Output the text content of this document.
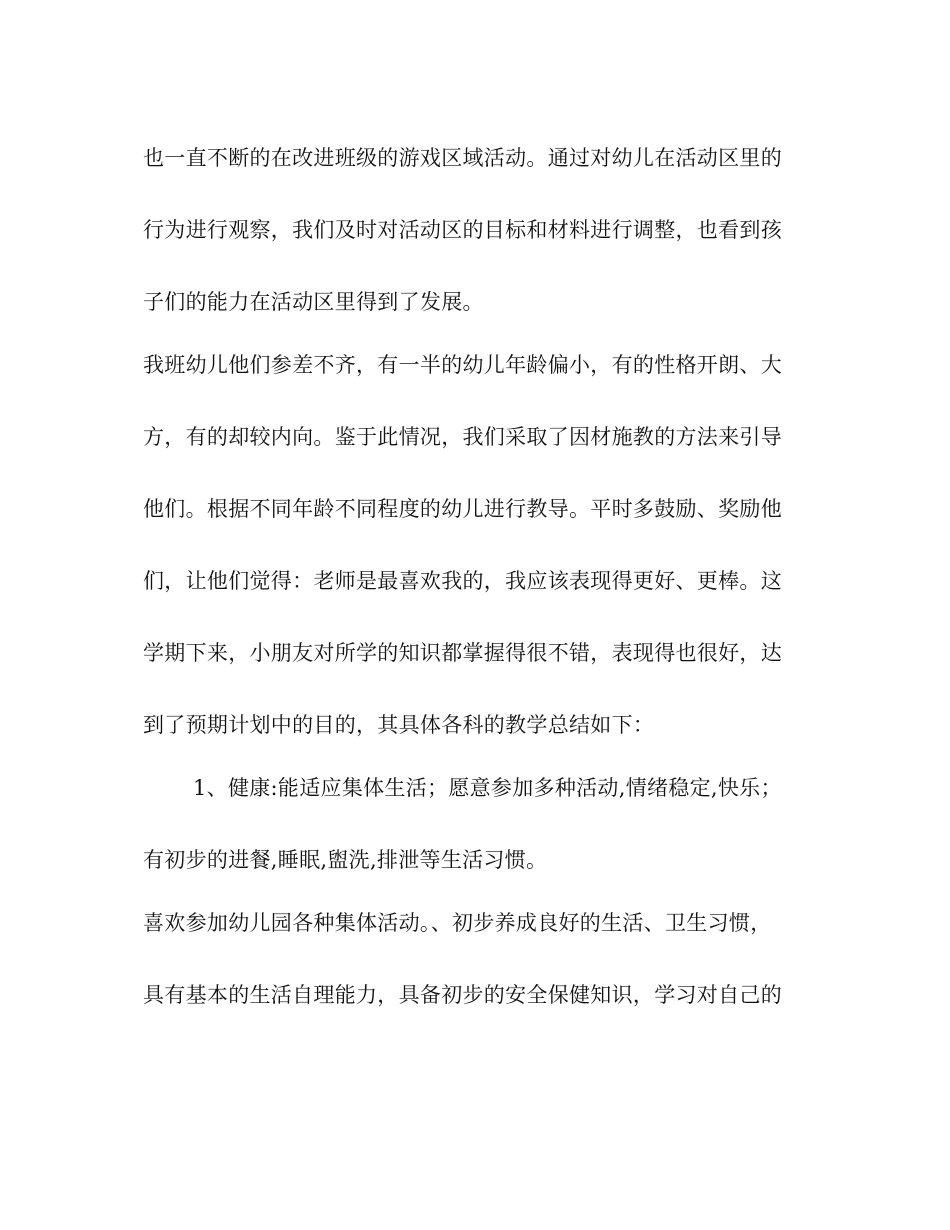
也一直不断的在改进班级的游戏区域活动。通过对幼儿在活动区里的
行为进行观察，我们及时对活动区的目标和材料进行调整，也看到孩
子们的能力在活动区里得到了发展。
我班幼儿他们参差不齐，有一半的幼儿年龄偏小，有的性格开朗、大
方，有的却较内向。鉴于此情况，我们采取了因材施教的方法来引导
他们。根据不同年龄不同程度的幼儿进行教导。平时多鼓励、奖励他
们，让他们觉得：老师是最喜欢我的，我应该表现得更好、更棒。这
学期下来，小朋友对所学的知识都掌握得很不错，表现得也很好，达
到了预期计划中的目的，其具体各科的教学总结如下：
1、健康:能适应集体生活；愿意参加多种活动,情绪稳定,快乐；
有初步的进餐,睡眠,盥洗,排泄等生活习惯。
喜欢参加幼儿园各种集体活动。、初步养成良好的生活、卫生习惯，
具有基本的生活自理能力，具备初步的安全保健知识，学习对自己的
